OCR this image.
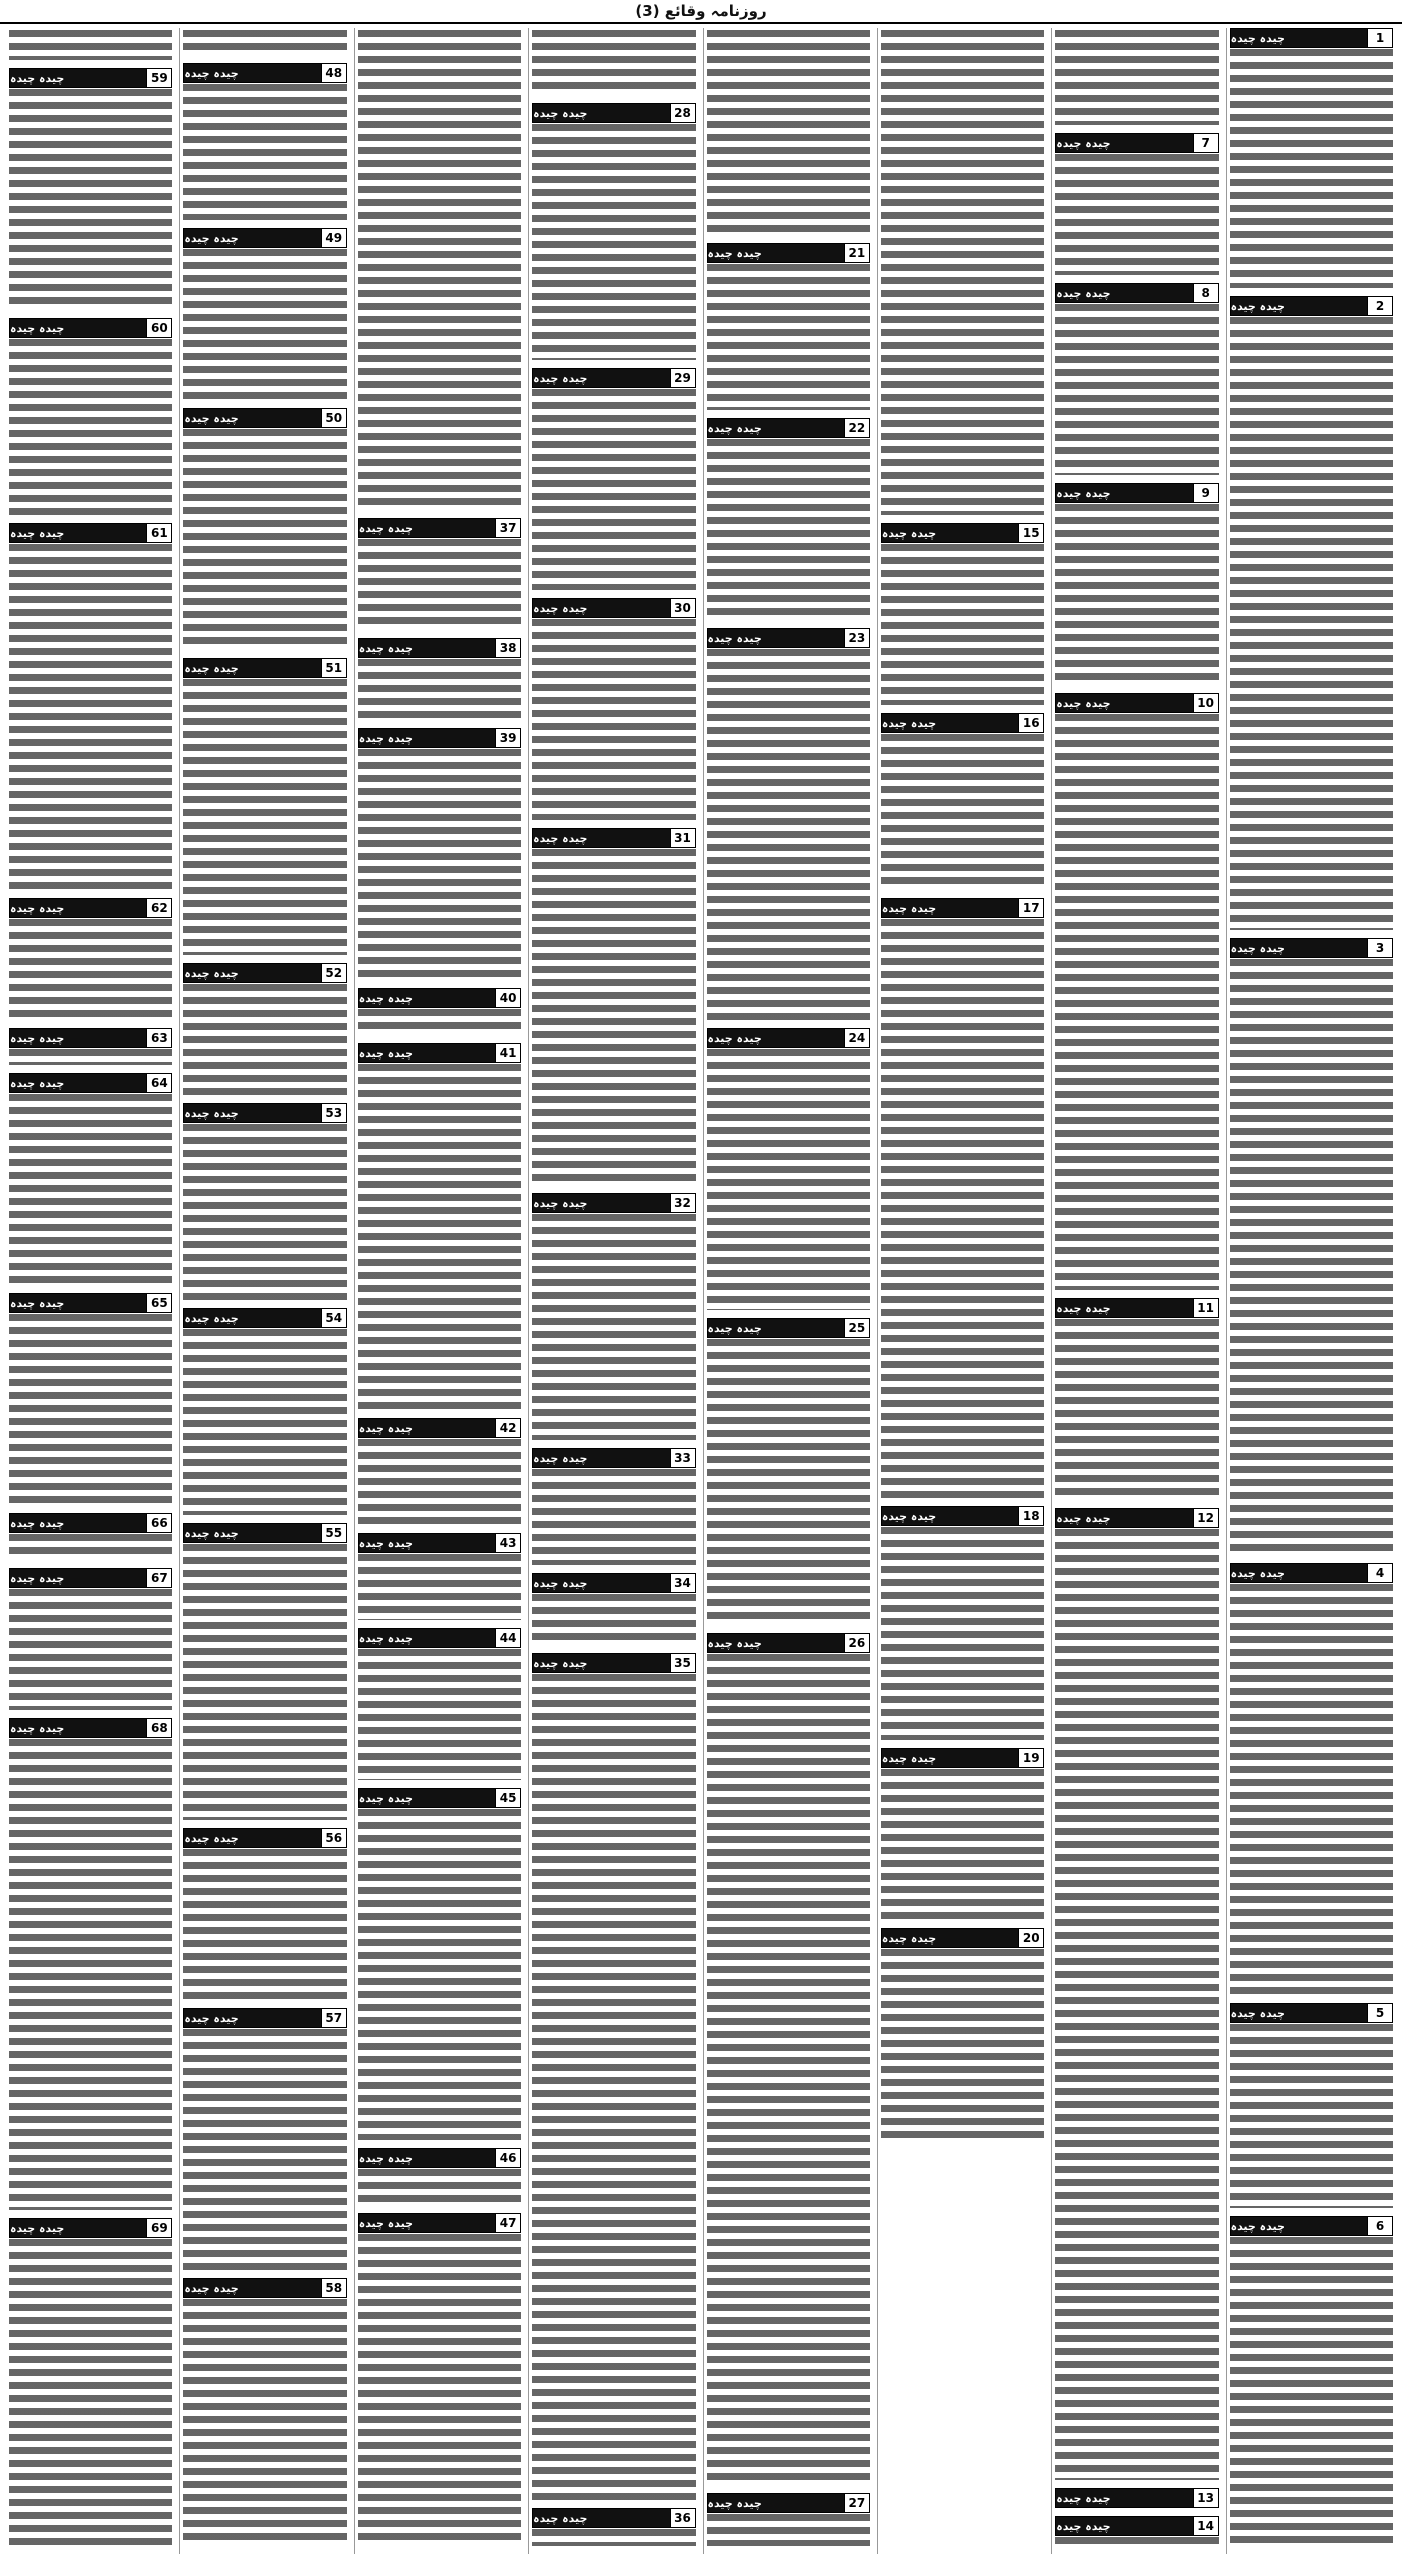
روزنامہ وقائع (3)
1
چیدہ چیدہ
2
چیدہ چیدہ
3
چیدہ چیدہ
4
چیدہ چیدہ
5
چیدہ چیدہ
6
چیدہ چیدہ
7
چیدہ چیدہ
8
چیدہ چیدہ
9
چیدہ چیدہ
10
چیدہ چیدہ
11
چیدہ چیدہ
12
چیدہ چیدہ
13
چیدہ چیدہ
14
چیدہ چیدہ
15
چیدہ چیدہ
16
چیدہ چیدہ
17
چیدہ چیدہ
18
چیدہ چیدہ
19
چیدہ چیدہ
20
چیدہ چیدہ
21
چیدہ چیدہ
22
چیدہ چیدہ
23
چیدہ چیدہ
24
چیدہ چیدہ
25
چیدہ چیدہ
26
چیدہ چیدہ
27
چیدہ چیدہ
28
چیدہ چیدہ
29
چیدہ چیدہ
30
چیدہ چیدہ
31
چیدہ چیدہ
32
چیدہ چیدہ
33
چیدہ چیدہ
34
چیدہ چیدہ
35
چیدہ چیدہ
36
چیدہ چیدہ
37
چیدہ چیدہ
38
چیدہ چیدہ
39
چیدہ چیدہ
40
چیدہ چیدہ
41
چیدہ چیدہ
42
چیدہ چیدہ
43
چیدہ چیدہ
44
چیدہ چیدہ
45
چیدہ چیدہ
46
چیدہ چیدہ
47
چیدہ چیدہ
48
چیدہ چیدہ
49
چیدہ چیدہ
50
چیدہ چیدہ
51
چیدہ چیدہ
52
چیدہ چیدہ
53
چیدہ چیدہ
54
چیدہ چیدہ
55
چیدہ چیدہ
56
چیدہ چیدہ
57
چیدہ چیدہ
58
چیدہ چیدہ
59
چیدہ چیدہ
60
چیدہ چیدہ
61
چیدہ چیدہ
62
چیدہ چیدہ
63
چیدہ چیدہ
64
چیدہ چیدہ
65
چیدہ چیدہ
66
چیدہ چیدہ
67
چیدہ چیدہ
68
چیدہ چیدہ
69
چیدہ چیدہ
